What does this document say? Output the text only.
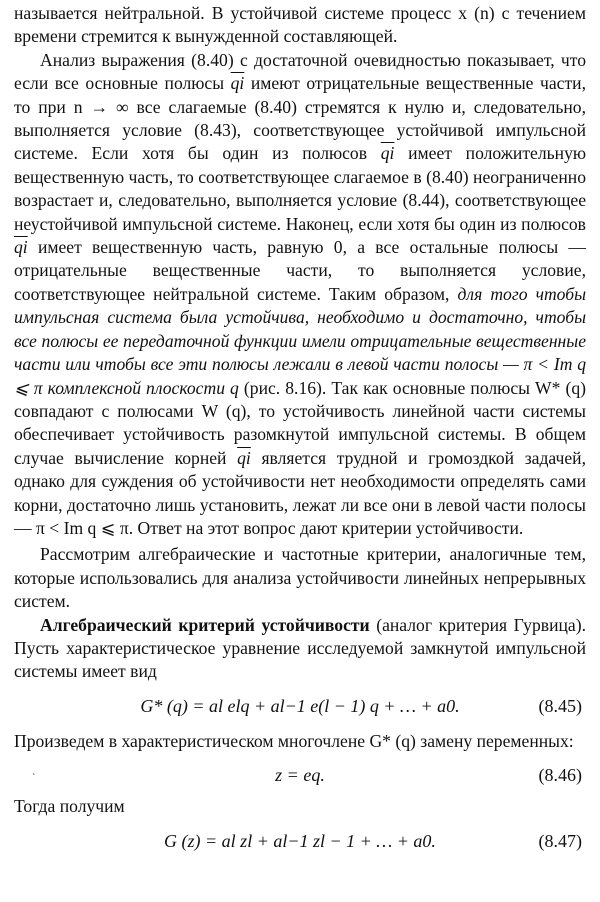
называется нейтральной. В устойчивой системе процесс x (n) с течением времени стремится к вынужденной составляющей.

Анализ выражения (8.40) с достаточной очевидностью показывает, что если все основные полюсы $\overline{qi}$ имеют отрицательные вещественные части, то при n → ∞ все слагаемые (8.40) стремятся к нулю и, следовательно, выполняется условие (8.43), соответствующее устойчивой импульсной системе. Если хотя бы один из полюсов $\overline{qi}$ имеет положительную вещественную часть, то соответствующее слагаемое в (8.40) неограниченно возрастает и, следовательно, выполняется условие (8.44), соответствующее неустойчивой импульсной системе. Наконец, если хотя бы один из полюсов $\overline{qi}$ имеет вещественную часть, равную 0, а все остальные полюсы — отрицательные вещественные части, то выполняется условие, соответствующее нейтральной системе. Таким образом, для того чтобы импульсная система была устойчива, необходимо и достаточно, чтобы все полюсы ее передаточной функции имели отрицательные вещественные части или чтобы все эти полюсы лежали в левой части полосы — π < Im q ⩽ π комплексной плоскости q (рис. 8.16). Так как основные полюсы W* (q) совпадают с полюсами W (q), то устойчивость линейной части системы обеспечивает устойчивость разомкнутой импульсной системы. В общем случае вычисление корней $\overline{qi}$ является трудной и громоздкой задачей, однако для суждения об устойчивости нет необходимости определять сами корни, достаточно лишь установить, лежат ли все они в левой части полосы — π < Im q ⩽ π. Ответ на этот вопрос дают критерии устойчивости.

Рассмотрим алгебраические и частотные критерии, аналогичные тем, которые использовались для анализа устойчивости линейных непрерывных систем.

Алгебраический критерий устойчивости (аналог критерия Гурвица). Пусть характеристическое уравнение исследуемой замкнутой импульсной системы имеет вид

G* (q) = al elq + al−1 e(l − 1) q + … + a0.	(8.45)

Произведем в характеристическом многочлене G* (q) замену переменных:

`	z = eq.	(8.46)

Тогда получим

G (z) = al zl + al−1 zl − 1 + … + a0.	(8.47)
